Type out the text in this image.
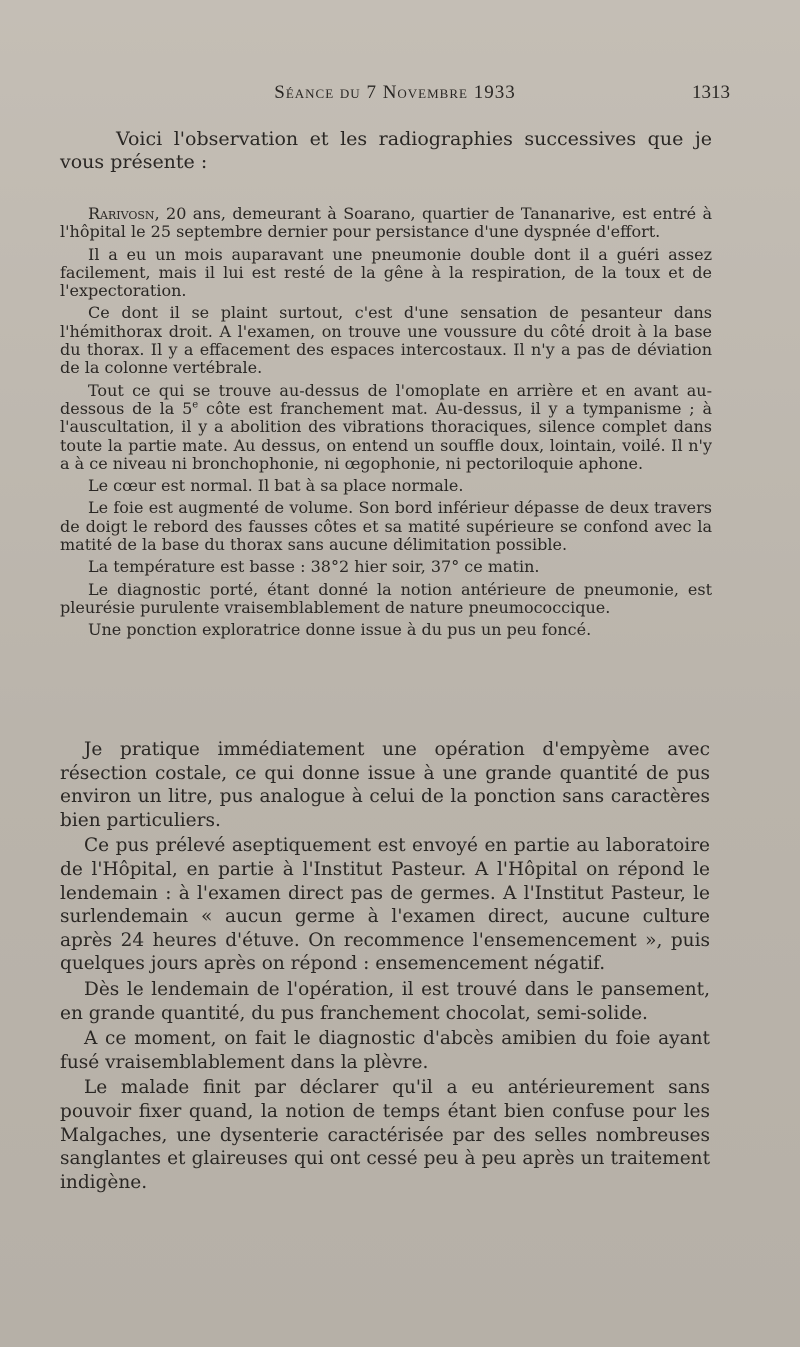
Séance du 7 Novembre 1933	1313

Voici l'observation et les radiographies successives que je vous présente :

Rarivosn, 20 ans, demeurant à Soarano, quartier de Tananarive, est entré à l'hôpital le 25 septembre dernier pour persistance d'une dyspnée d'effort.

Il a eu un mois auparavant une pneumonie double dont il a guéri assez facilement, mais il lui est resté de la gêne à la respiration, de la toux et de l'expectoration.

Ce dont il se plaint surtout, c'est d'une sensation de pesanteur dans l'hémithorax droit. A l'examen, on trouve une voussure du côté droit à la base du thorax. Il y a effacement des espaces intercostaux. Il n'y a pas de déviation de la colonne vertébrale.

Tout ce qui se trouve au-dessus de l'omoplate en arrière et en avant au-dessous de la 5e côte est franchement mat. Au-dessus, il y a tympanisme ; à l'auscultation, il y a abolition des vibrations thoraciques, silence complet dans toute la partie mate. Au dessus, on entend un souffle doux, lointain, voilé. Il n'y a à ce niveau ni bronchophonie, ni œgophonie, ni pectoriloquie aphone.

Le cœur est normal. Il bat à sa place normale.

Le foie est augmenté de volume. Son bord inférieur dépasse de deux travers de doigt le rebord des fausses côtes et sa matité supérieure se confond avec la matité de la base du thorax sans aucune délimitation possible.

La température est basse : 38°2 hier soir, 37° ce matin.

Le diagnostic porté, étant donné la notion antérieure de pneumonie, est pleurésie purulente vraisemblablement de nature pneumococcique.

Une ponction exploratrice donne issue à du pus un peu foncé.

Je pratique immédiatement une opération d'empyème avec résection costale, ce qui donne issue à une grande quantité de pus environ un litre, pus analogue à celui de la ponction sans caractères bien particuliers.

Ce pus prélevé aseptiquement est envoyé en partie au laboratoire de l'Hôpital, en partie à l'Institut Pasteur. A l'Hôpital on répond le lendemain : à l'examen direct pas de germes. A l'Institut Pasteur, le surlendemain « aucun germe à l'examen direct, aucune culture après 24 heures d'étuve. On recommence l'ensemencement », puis quelques jours après on répond : ensemencement négatif.

Dès le lendemain de l'opération, il est trouvé dans le pansement, en grande quantité, du pus franchement chocolat, semi-solide.

A ce moment, on fait le diagnostic d'abcès amibien du foie ayant fusé vraisemblablement dans la plèvre.

Le malade finit par déclarer qu'il a eu antérieurement sans pouvoir fixer quand, la notion de temps étant bien confuse pour les Malgaches, une dysenterie caractérisée par des selles nombreuses sanglantes et glaireuses qui ont cessé peu à peu après un traitement indigène.
